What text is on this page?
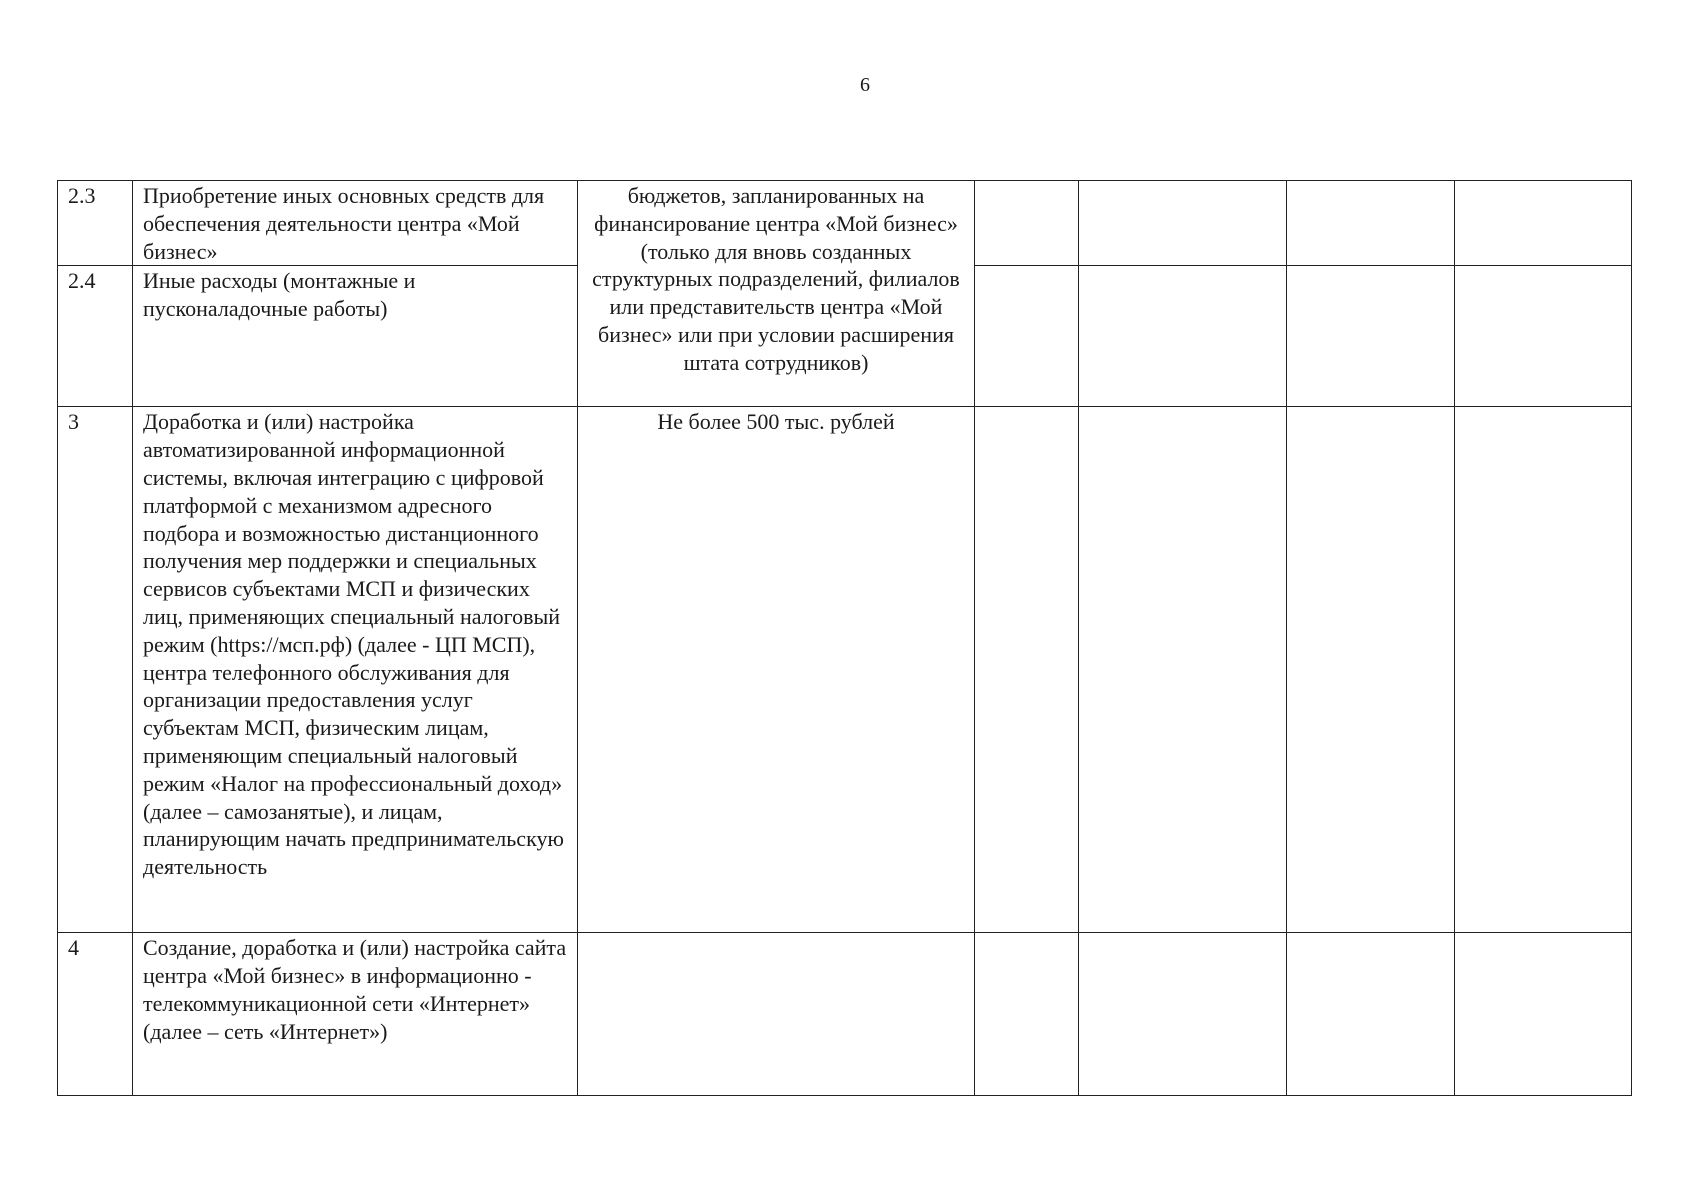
6
2.3	Приобретение иных основных средств для обеспечения деятельности центра «Мой бизнес»	бюджетов, запланированных на финансирование центра «Мой бизнес» (только для вновь созданных структурных подразделений, филиалов или представительств центра «Мой бизнес» или при условии расширения штата сотрудников)				
2.4	Иные расходы (монтажные и пусконаладочные работы)					
3	Доработка и (или) настройка автоматизированной информационной системы, включая интеграцию с цифровой платформой с механизмом адресного подбора и возможностью дистанционного получения мер поддержки и специальных сервисов субъектами МСП и физических лиц, применяющих специальный налоговый режим (https://мсп.рф) (далее - ЦП МСП), центра телефонного обслуживания для организации предоставления услуг субъектам МСП, физическим лицам, применяющим специальный налоговый режим «Налог на профессиональный доход» (далее – самозанятые), и лицам, планирующим начать предпринимательскую деятельность	Не более 500 тыс. рублей				
4	Создание, доработка и (или) настройка сайта центра «Мой бизнес» в информационно - телекоммуникационной сети «Интернет» (далее – сеть «Интернет»)					
